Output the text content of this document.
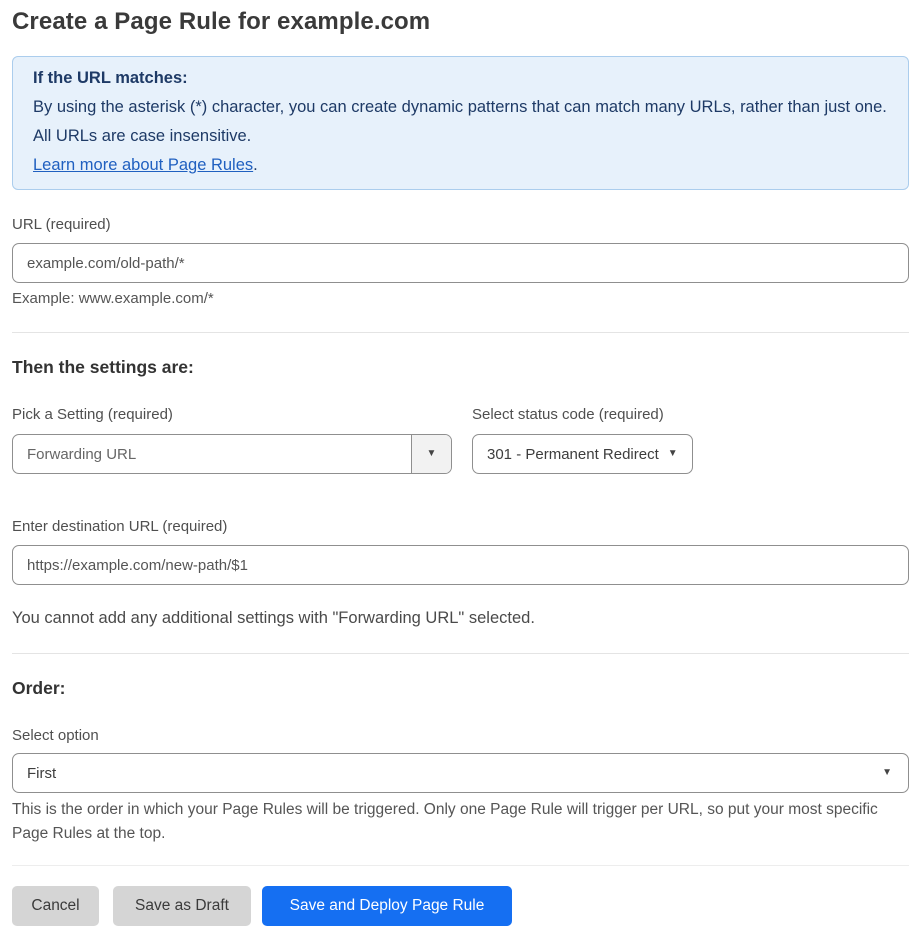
Create a Page Rule for example.com

If the URL matches:

By using the asterisk (*) character, you can create dynamic patterns that can match many URLs, rather than just one. All URLs are case insensitive.

Learn more about Page Rules.

URL (required)
example.com/old-path/*
Example: www.example.com/*
Then the settings are:
Pick a Setting (required)
Forwarding URL	▼
Select status code (required)
301 - Permanent Redirect ▼
Enter destination URL (required)
https://example.com/new-path/$1

You cannot add any additional settings with "Forwarding URL" selected.

Order:
Select option
First	▼

This is the order in which your Page Rules will be triggered. Only one Page Rule will trigger per URL, so put your most specific Page Rules at the top.

Cancel	Save as Draft	Save and Deploy Page Rule
